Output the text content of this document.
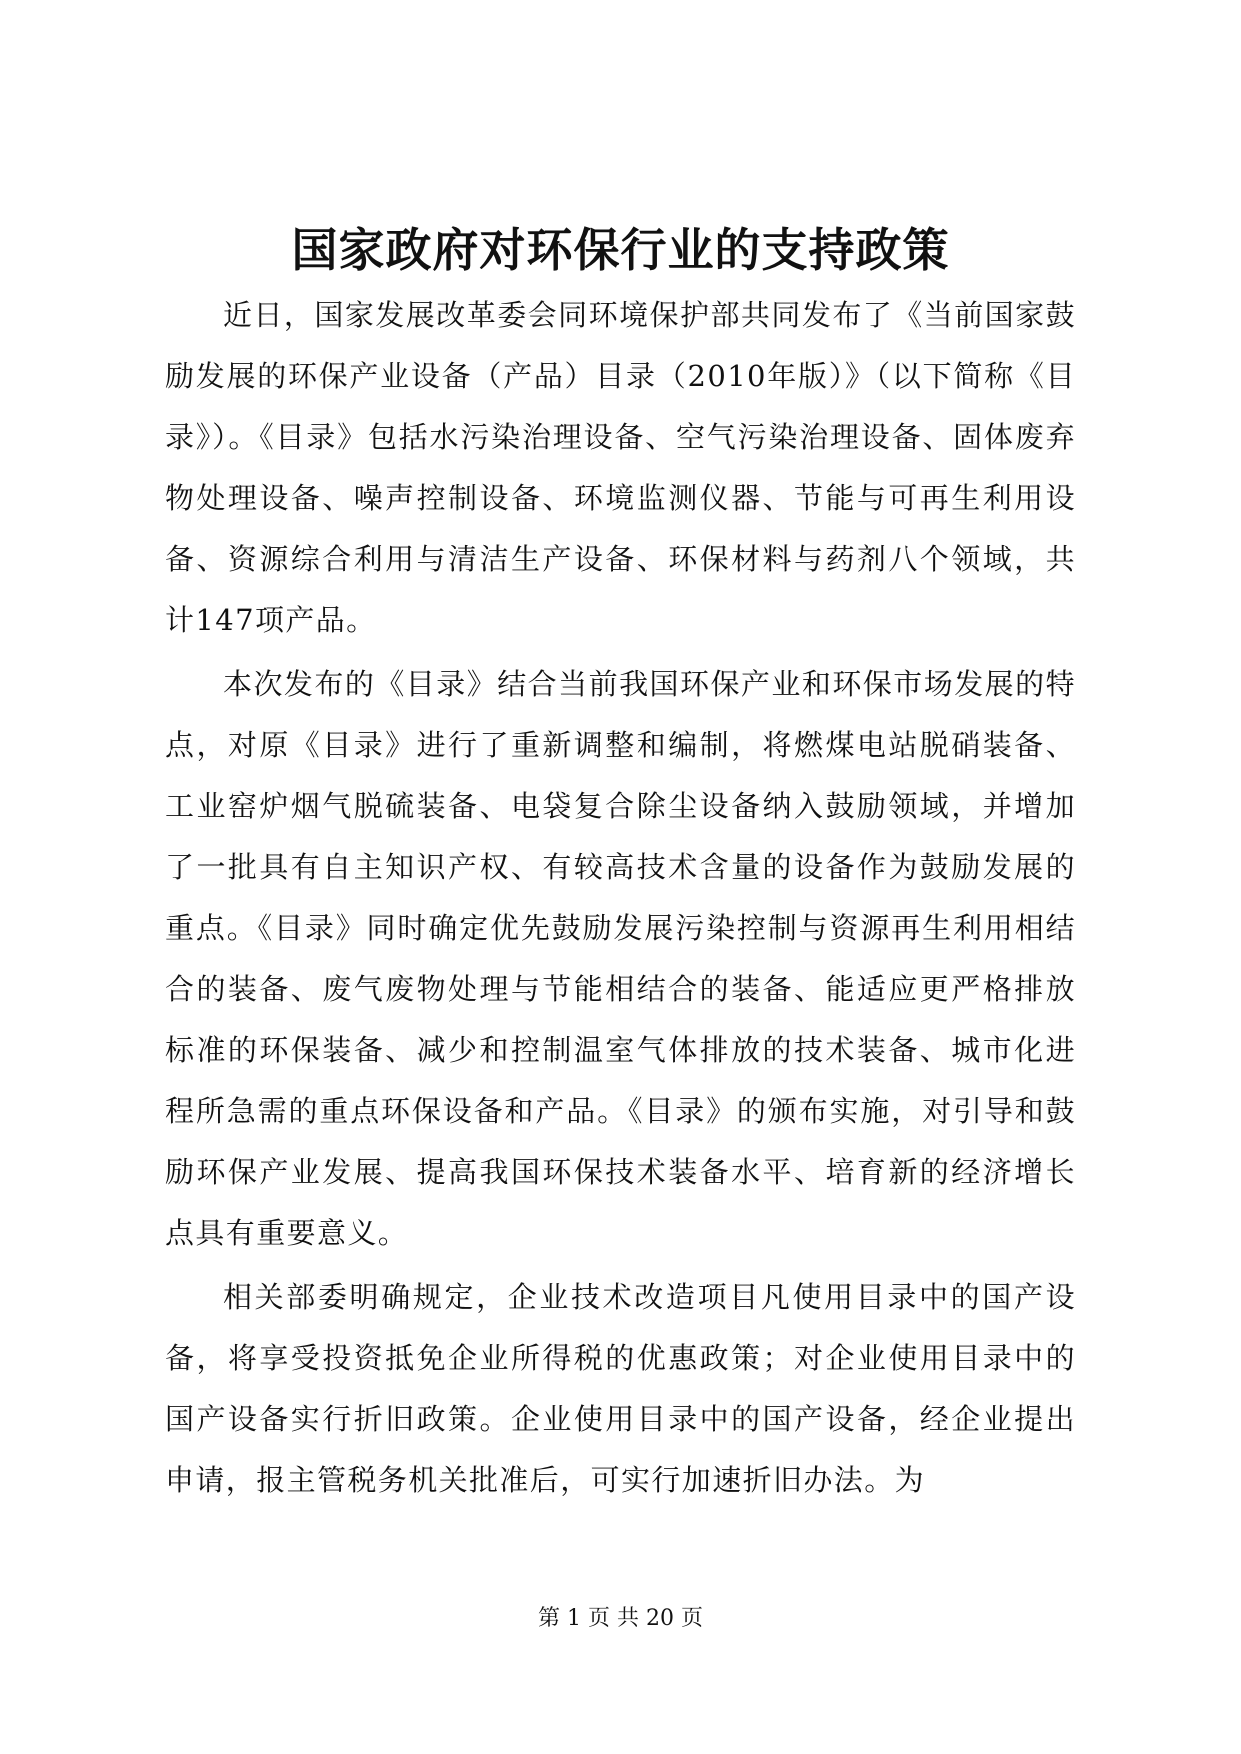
国家政府对环保行业的支持政策

近日，国家发展改革委会同环境保护部共同发布了《当前国家鼓励发展的环保产业设备（产品）目录（2010年版）》（以下简称《目录》）。《目录》包括水污染治理设备、空气污染治理设备、固体废弃物处理设备、噪声控制设备、环境监测仪器、节能与可再生利用设备、资源综合利用与清洁生产设备、环保材料与药剂八个领域，共计147项产品。

本次发布的《目录》结合当前我国环保产业和环保市场发展的特点，对原《目录》进行了重新调整和编制，将燃煤电站脱硝装备、工业窑炉烟气脱硫装备、电袋复合除尘设备纳入鼓励领域，并增加了一批具有自主知识产权、有较高技术含量的设备作为鼓励发展的重点。《目录》同时确定优先鼓励发展污染控制与资源再生利用相结合的装备、废气废物处理与节能相结合的装备、能适应更严格排放标准的环保装备、减少和控制温室气体排放的技术装备、城市化进程所急需的重点环保设备和产品。《目录》的颁布实施，对引导和鼓励环保产业发展、提高我国环保技术装备水平、培育新的经济增长点具有重要意义。

相关部委明确规定，企业技术改造项目凡使用目录中的国产设备，将享受投资抵免企业所得税的优惠政策；对企业使用目录中的国产设备实行折旧政策。企业使用目录中的国产设备，经企业提出申请，报主管税务机关批准后，可实行加速折旧办法。为

第 1 页 共 20 页
